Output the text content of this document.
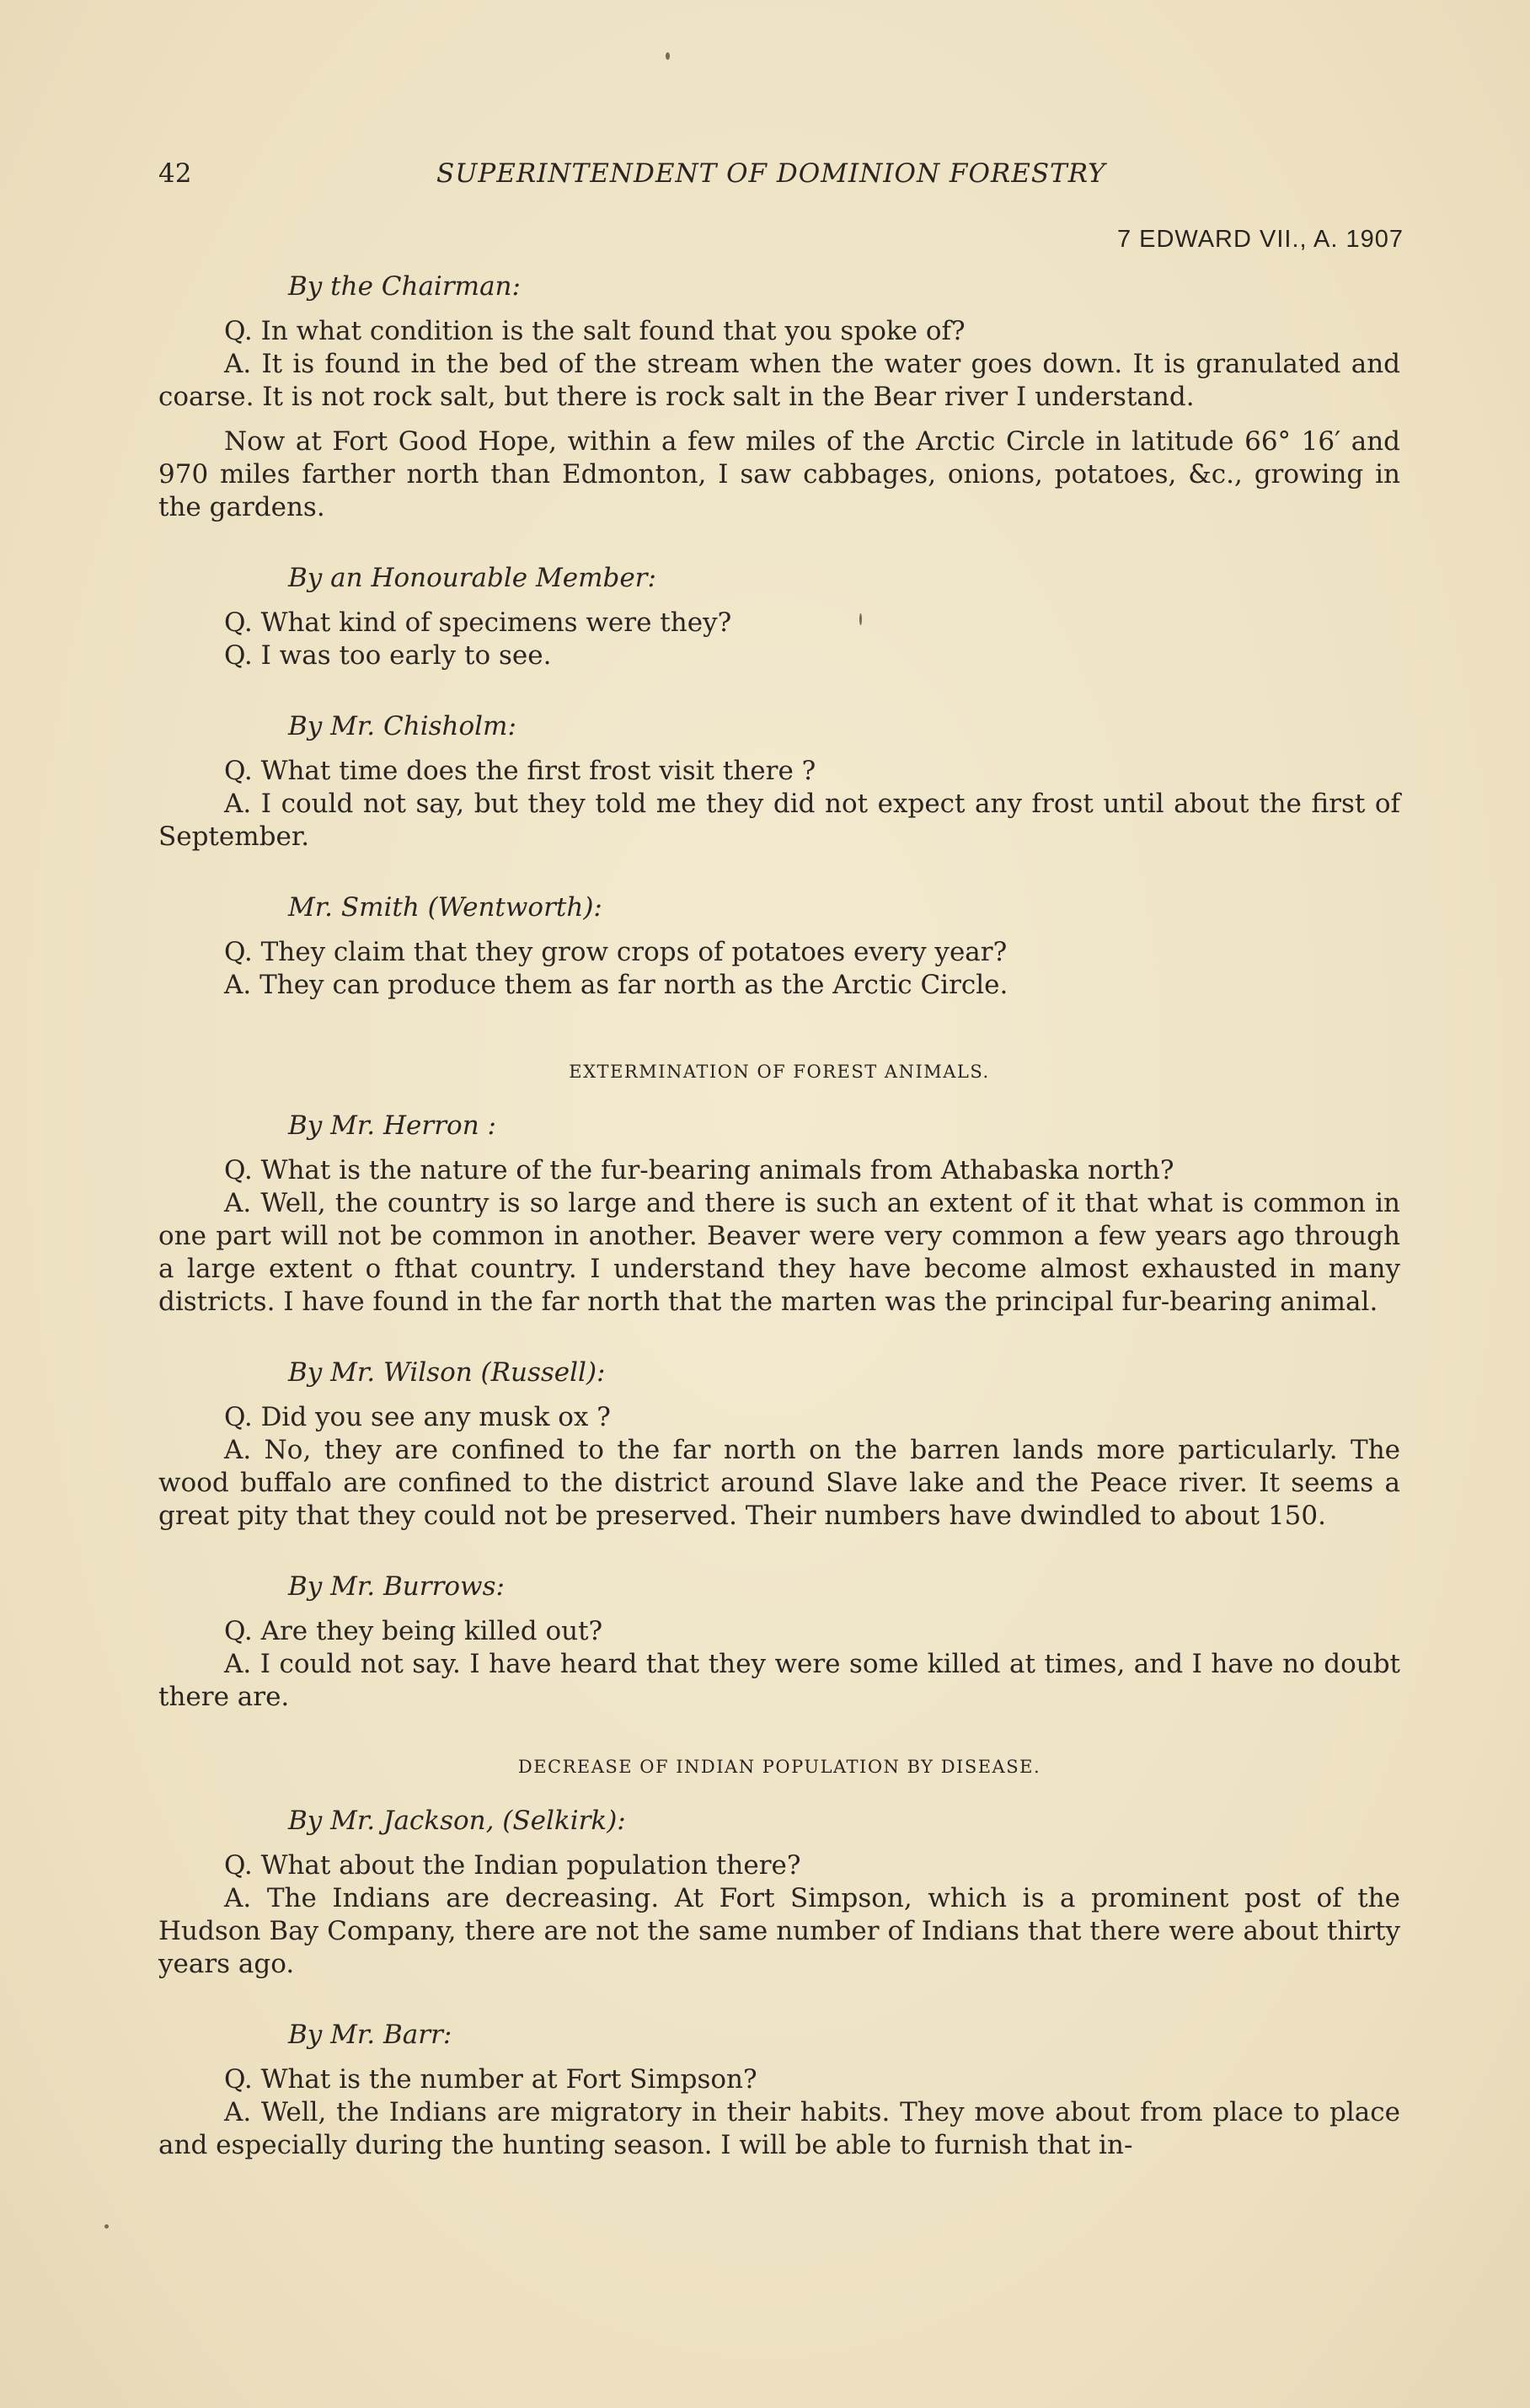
42	SUPERINTENDENT OF DOMINION FORESTRY
7 EDWARD VII., A. 1907
By the Chairman:

Q. In what condition is the salt found that you spoke of?

A. It is found in the bed of the stream when the water goes down. It is granulated and coarse. It is not rock salt, but there is rock salt in the Bear river I understand.

Now at Fort Good Hope, within a few miles of the Arctic Circle in latitude 66° 16′ and 970 miles farther north than Edmonton, I saw cabbages, onions, potatoes, &c., growing in the gardens.

By an Honourable Member:

Q. What kind of specimens were they?

Q. I was too early to see.

By Mr. Chisholm:

Q. What time does the first frost visit there ?

A. I could not say, but they told me they did not expect any frost until about the first of September.

Mr. Smith (Wentworth):

Q. They claim that they grow crops of potatoes every year?

A. They can produce them as far north as the Arctic Circle.

EXTERMINATION OF FOREST ANIMALS.
By Mr. Herron :

Q. What is the nature of the fur-bearing animals from Athabaska north?

A. Well, the country is so large and there is such an extent of it that what is common in one part will not be common in another. Beaver were very common a few years ago through a large extent o fthat country. I understand they have become almost exhausted in many districts. I have found in the far north that the marten was the principal fur-bearing animal.

By Mr. Wilson (Russell):

Q. Did you see any musk ox ?

A. No, they are confined to the far north on the barren lands more particularly. The wood buffalo are confined to the district around Slave lake and the Peace river. It seems a great pity that they could not be preserved. Their numbers have dwindled to about 150.

By Mr. Burrows:

Q. Are they being killed out?

A. I could not say. I have heard that they were some killed at times, and I have no doubt there are.

DECREASE OF INDIAN POPULATION BY DISEASE.
By Mr. Jackson, (Selkirk):

Q. What about the Indian population there?

A. The Indians are decreasing. At Fort Simpson, which is a prominent post of the Hudson Bay Company, there are not the same number of Indians that there were about thirty years ago.

By Mr. Barr:

Q. What is the number at Fort Simpson?

A. Well, the Indians are migratory in their habits. They move about from place to place and especially during the hunting season. I will be able to furnish that in-
